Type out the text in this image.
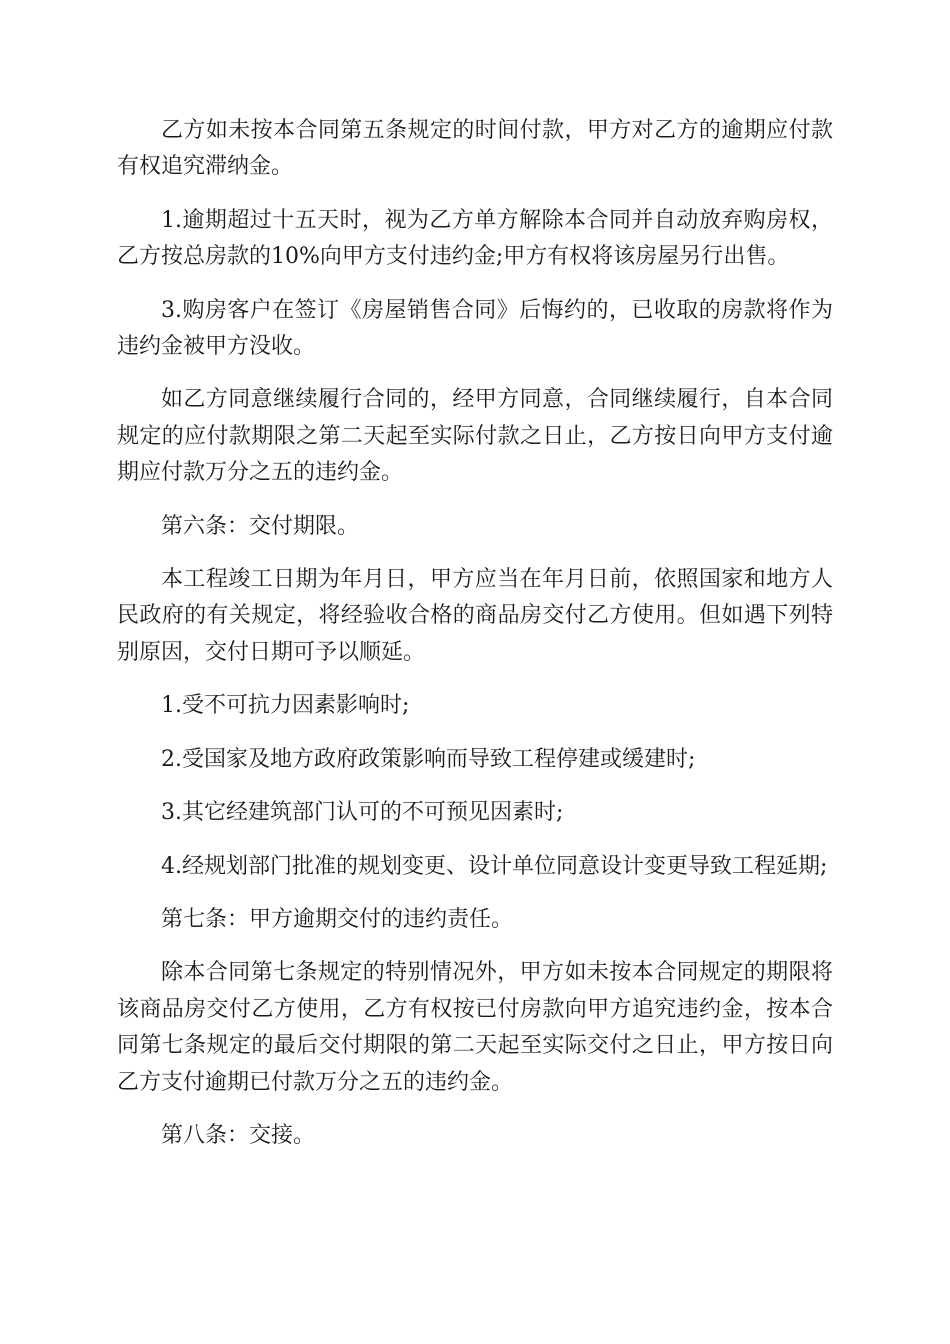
乙方如未按本合同第五条规定的时间付款，甲方对乙方的逾期应付款有权追究滞纳金。

1.逾期超过十五天时，视为乙方单方解除本合同并自动放弃购房权，乙方按总房款的10%向甲方支付违约金;甲方有权将该房屋另行出售。

3.购房客户在签订《房屋销售合同》后悔约的，已收取的房款将作为违约金被甲方没收。

如乙方同意继续履行合同的，经甲方同意，合同继续履行，自本合同规定的应付款期限之第二天起至实际付款之日止，乙方按日向甲方支付逾期应付款万分之五的违约金。

第六条：交付期限。

本工程竣工日期为年月日，甲方应当在年月日前，依照国家和地方人民政府的有关规定，将经验收合格的商品房交付乙方使用。但如遇下列特别原因，交付日期可予以顺延。

1.受不可抗力因素影响时;

2.受国家及地方政府政策影响而导致工程停建或缓建时;

3.其它经建筑部门认可的不可预见因素时;

4.经规划部门批准的规划变更、设计单位同意设计变更导致工程延期;

第七条：甲方逾期交付的违约责任。

除本合同第七条规定的特别情况外，甲方如未按本合同规定的期限将该商品房交付乙方使用，乙方有权按已付房款向甲方追究违约金，按本合同第七条规定的最后交付期限的第二天起至实际交付之日止，甲方按日向乙方支付逾期已付款万分之五的违约金。

第八条：交接。
